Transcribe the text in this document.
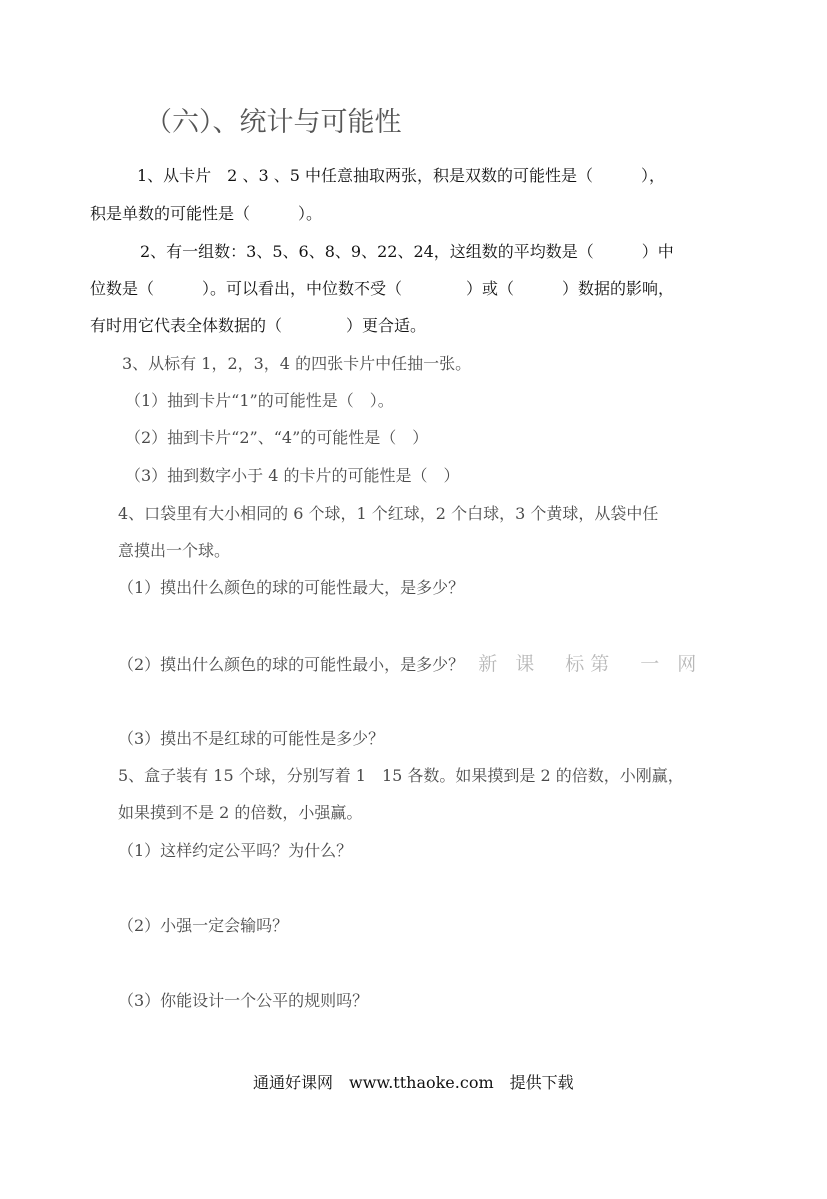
（六）、统计与可能性
1、从卡片　2 、3 、5 中任意抽取两张，积是双数的可能性是（　　　），
积是单数的可能性是（　　　）。
2、有一组数：3、5、6、8、9、22、24，这组数的平均数是（　　　）中
位数是（　　　）。可以看出，中位数不受（　　　　）或（　　　）数据的影响，
有时用它代表全体数据的（　　　　）更合适。
3、从标有 1，2，3，4 的四张卡片中任抽一张。
（1）抽到卡片“1”的可能性是（　）。
（2）抽到卡片“2”、“4”的可能性是（　）
（3）抽到数字小于 4 的卡片的可能性是（　）
4、口袋里有大小相同的 6 个球，1 个红球，2 个白球，3 个黄球，从袋中任
意摸出一个球。
（1）摸出什么颜色的球的可能性最大，是多少？
（2）摸出什么颜色的球的可能性最小，是多少？ 新 课　标第　一 网
（3）摸出不是红球的可能性是多少？
5、盒子装有 15 个球，分别写着 1　15 各数。如果摸到是 2 的倍数，小刚赢，
如果摸到不是 2 的倍数，小强赢。
（1）这样约定公平吗？为什么？
（2）小强一定会输吗？
（3）你能设计一个公平的规则吗？
通通好课网　www.tthaoke.com　提供下载
